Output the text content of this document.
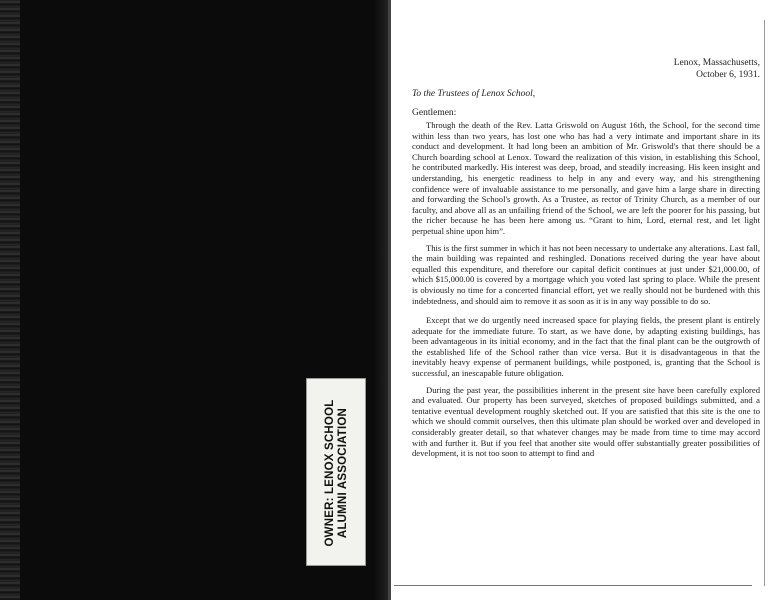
OWNER: LENOX SCHOOL ALUMNI ASSOCIATION
Lenox, Massachusetts,
October 6, 1931.
To the Trustees of Lenox School,
Gentlemen:

Through the death of the Rev. Latta Griswold on August 16th, the School, for the second time within less than two years, has lost one who has had a very intimate and important share in its conduct and development. It had long been an ambition of Mr. Griswold's that there should be a Church boarding school at Lenox. Toward the realization of this vision, in establishing this School, he contributed markedly. His interest was deep, broad, and steadily increasing. His keen insight and understanding, his energetic readiness to help in any and every way, and his strengthening confidence were of invaluable assistance to me personally, and gave him a large share in directing and forwarding the School's growth. As a Trustee, as rector of Trinity Church, as a member of our faculty, and above all as an unfailing friend of the School, we are left the poorer for his passing, but the richer because he has been here among us. “Grant to him, Lord, eternal rest, and let light perpetual shine upon him”.

This is the first summer in which it has not been necessary to undertake any alterations. Last fall, the main building was repainted and reshingled. Donations received during the year have about equalled this expenditure, and therefore our capital deficit continues at just under $21,000.00, of which $15,000.00 is covered by a mortgage which you voted last spring to place. While the present is obviously no time for a concerted financial effort, yet we really should not be burdened with this indebtedness, and should aim to remove it as soon as it is in any way possible to do so.

Except that we do urgently need increased space for playing fields, the present plant is entirely adequate for the immediate future. To start, as we have done, by adapting existing buildings, has been advantageous in its initial economy, and in the fact that the final plant can be the outgrowth of the established life of the School rather than vice versa. But it is disadvantageous in that the inevitably heavy expense of permanent buildings, while postponed, is, granting that the School is successful, an inescapable future obligation.

During the past year, the possibilities inherent in the present site have been carefully explored and evaluated. Our property has been surveyed, sketches of proposed buildings submitted, and a tentative eventual development roughly sketched out. If you are satisfied that this site is the one to which we should commit ourselves, then this ultimate plan should be worked over and developed in considerably greater detail, so that whatever changes may be made from time to time may accord with and further it. But if you feel that another site would offer substantially greater possibilities of development, it is not too soon to attempt to find and
